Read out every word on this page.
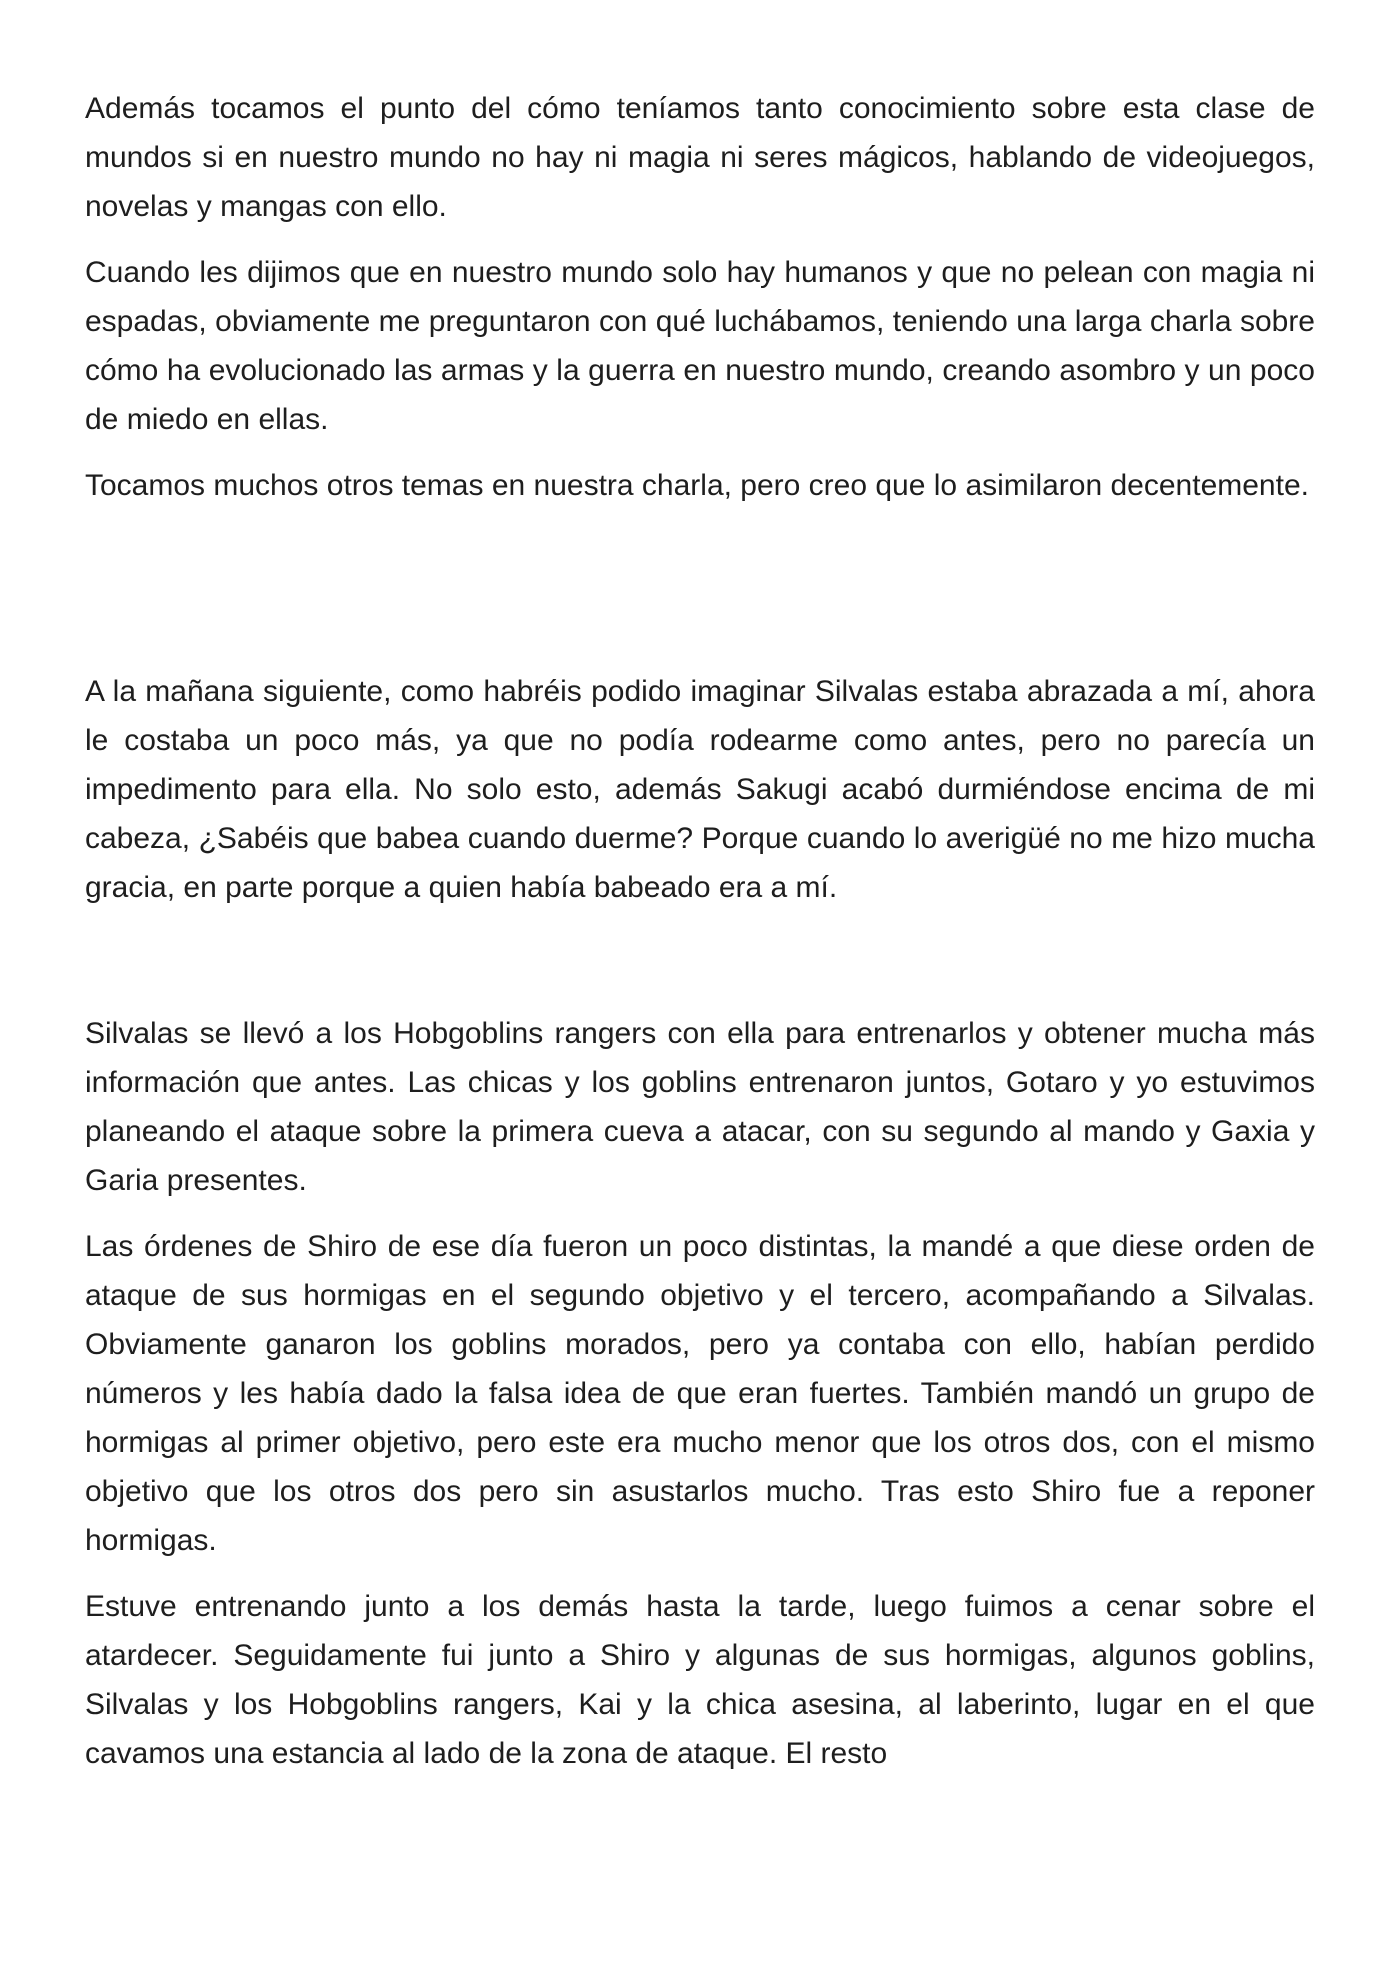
Además tocamos el punto del cómo teníamos tanto conocimiento sobre esta clase de mundos si en nuestro mundo no hay ni magia ni seres mágicos, hablando de videojuegos, novelas y mangas con ello.

Cuando les dijimos que en nuestro mundo solo hay humanos y que no pelean con magia ni espadas, obviamente me preguntaron con qué luchábamos, teniendo una larga charla sobre cómo ha evolucionado las armas y la guerra en nuestro mundo, creando asombro y un poco de miedo en ellas.

Tocamos muchos otros temas en nuestra charla, pero creo que lo asimilaron decentemente.

A la mañana siguiente, como habréis podido imaginar Silvalas estaba abrazada a mí, ahora le costaba un poco más, ya que no podía rodearme como antes, pero no parecía un impedimento para ella. No solo esto, además Sakugi acabó durmiéndose encima de mi cabeza, ¿Sabéis que babea cuando duerme? Porque cuando lo averigüé no me hizo mucha gracia, en parte porque a quien había babeado era a mí.

Silvalas se llevó a los Hobgoblins rangers con ella para entrenarlos y obtener mucha más información que antes. Las chicas y los goblins entrenaron juntos, Gotaro y yo estuvimos planeando el ataque sobre la primera cueva a atacar, con su segundo al mando y Gaxia y Garia presentes.

Las órdenes de Shiro de ese día fueron un poco distintas, la mandé a que diese orden de ataque de sus hormigas en el segundo objetivo y el tercero, acompañando a Silvalas. Obviamente ganaron los goblins morados, pero ya contaba con ello, habían perdido números y les había dado la falsa idea de que eran fuertes. También mandó un grupo de hormigas al primer objetivo, pero este era mucho menor que los otros dos, con el mismo objetivo que los otros dos pero sin asustarlos mucho. Tras esto Shiro fue a reponer hormigas.

Estuve entrenando junto a los demás hasta la tarde, luego fuimos a cenar sobre el atardecer. Seguidamente fui junto a Shiro y algunas de sus hormigas, algunos goblins, Silvalas y los Hobgoblins rangers, Kai y la chica asesina, al laberinto, lugar en el que cavamos una estancia al lado de la zona de ataque. El resto
